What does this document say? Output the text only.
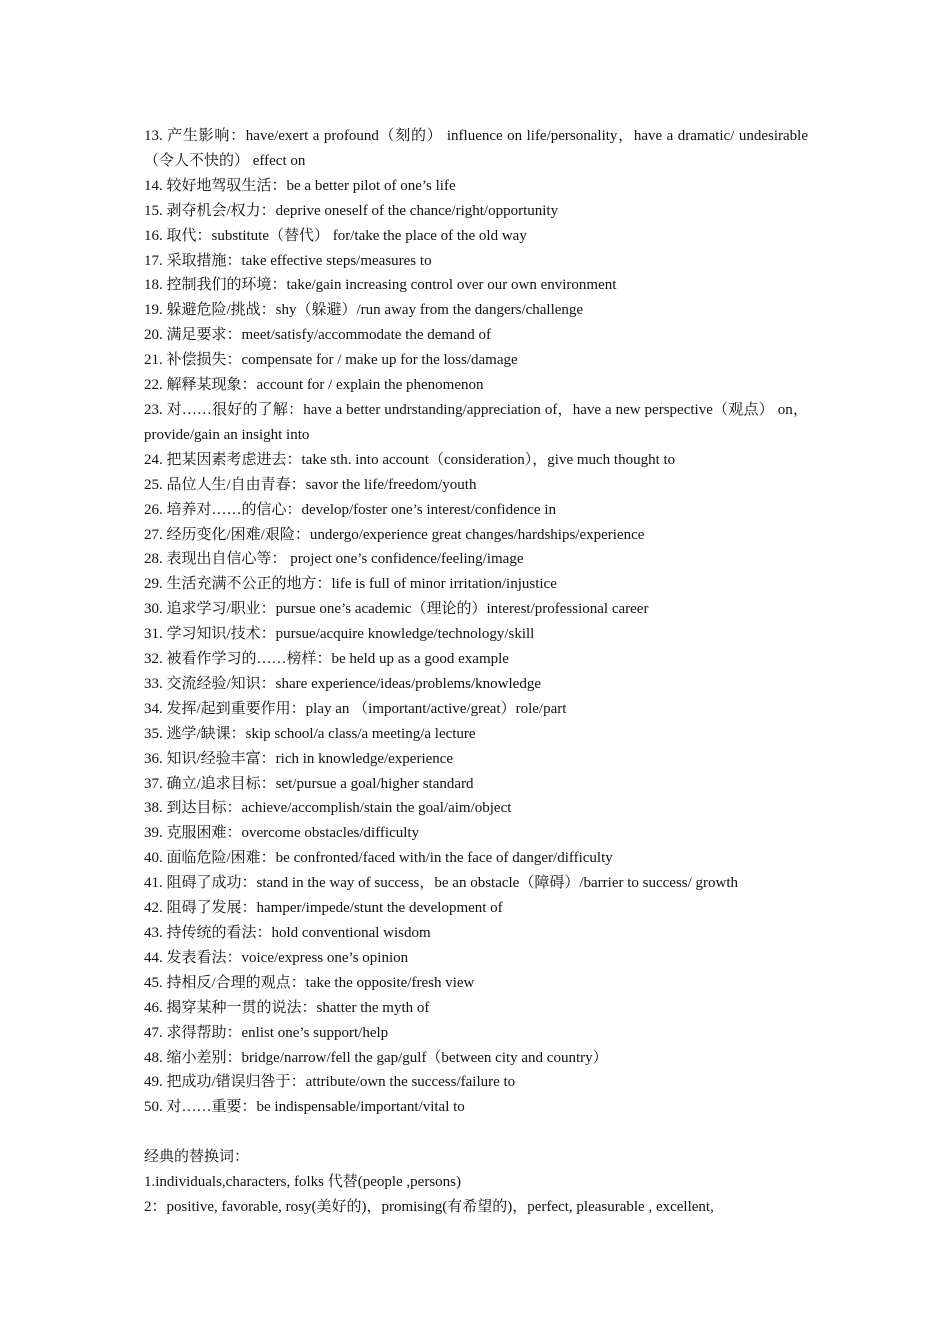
13. 产生影响：have/exert a profound（刻的） influence on life/personality，have a dramatic/ undesirable（令人不快的） effect on
14. 较好地驾驭生活：be a better pilot of one’s life
15. 剥夺机会/权力：deprive oneself of the chance/right/opportunity
16. 取代：substitute（替代） for/take the place of the old way
17. 采取措施：take effective steps/measures to
18. 控制我们的环境：take/gain increasing control over our own environment
19. 躲避危险/挑战：shy（躲避）/run away from the dangers/challenge
20. 满足要求：meet/satisfy/accommodate the demand of
21. 补偿损失：compensate for / make up for the loss/damage
22. 解释某现象：account for / explain the phenomenon
23. 对……很好的了解：have a better undrstanding/appreciation of，have a new perspective（观点） on，provide/gain an insight into
24. 把某因素考虑进去：take sth. into account（consideration），give much thought to
25. 品位人生/自由青春：savor the life/freedom/youth
26. 培养对……的信心：develop/foster one’s interest/confidence in
27. 经历变化/困难/艰险：undergo/experience great changes/hardships/experience
28. 表现出自信心等： project one’s confidence/feeling/image
29. 生活充满不公正的地方：life is full of minor irritation/injustice
30. 追求学习/职业：pursue one’s academic（理论的）interest/professional career
31. 学习知识/技术：pursue/acquire knowledge/technology/skill
32. 被看作学习的……榜样：be held up as a good example
33. 交流经验/知识：share experience/ideas/problems/knowledge
34. 发挥/起到重要作用：play an （important/active/great）role/part
35. 逃学/缺课：skip school/a class/a meeting/a lecture
36. 知识/经验丰富：rich in knowledge/experience
37. 确立/追求目标：set/pursue a goal/higher standard
38. 到达目标：achieve/accomplish/stain the goal/aim/object
39. 克服困难：overcome obstacles/difficulty
40. 面临危险/困难：be confronted/faced with/in the face of danger/difficulty
41. 阻碍了成功：stand in the way of success，be an obstacle（障碍）/barrier to success/ growth
42. 阻碍了发展：hamper/impede/stunt the development of
43. 持传统的看法：hold conventional wisdom
44. 发表看法：voice/express one’s opinion
45. 持相反/合理的观点：take the opposite/fresh view
46. 揭穿某种一贯的说法：shatter the myth of
47. 求得帮助：enlist one’s support/help
48. 缩小差别：bridge/narrow/fell the gap/gulf（between city and country）
49. 把成功/错误归咎于：attribute/own the success/failure to
50. 对……重要：be indispensable/important/vital to
经典的替换词：
1.individuals,characters, folks 代替(people ,persons)
2：positive, favorable, rosy(美好的)，promising(有希望的)，perfect, pleasurable , excellent,
